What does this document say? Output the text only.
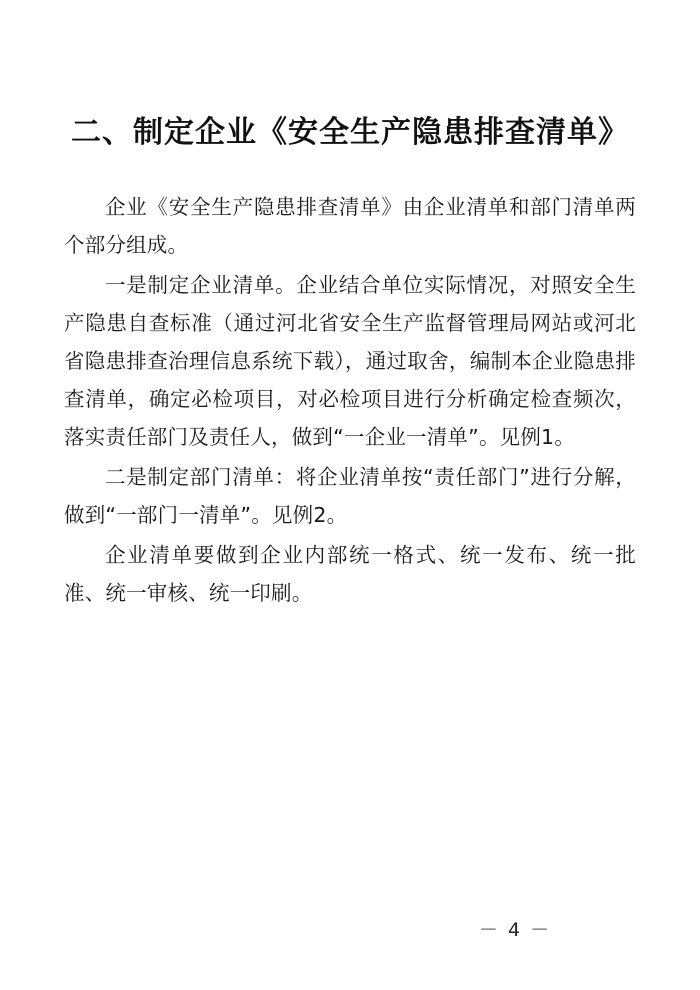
二、制定企业《安全生产隐患排查清单》

企业《安全生产隐患排查清单》由企业清单和部门清单两个部分组成。

一是制定企业清单。企业结合单位实际情况，对照安全生产隐患自查标准（通过河北省安全生产监督管理局网站或河北省隐患排查治理信息系统下载），通过取舍，编制本企业隐患排查清单，确定必检项目，对必检项目进行分析确定检查频次，落实责任部门及责任人，做到“一企业一清单”。见例1。

二是制定部门清单：将企业清单按“责任部门”进行分解，做到“一部门一清单”。见例2。

企业清单要做到企业内部统一格式、统一发布、统一批准、统一审核、统一印刷。

－ 4 －
